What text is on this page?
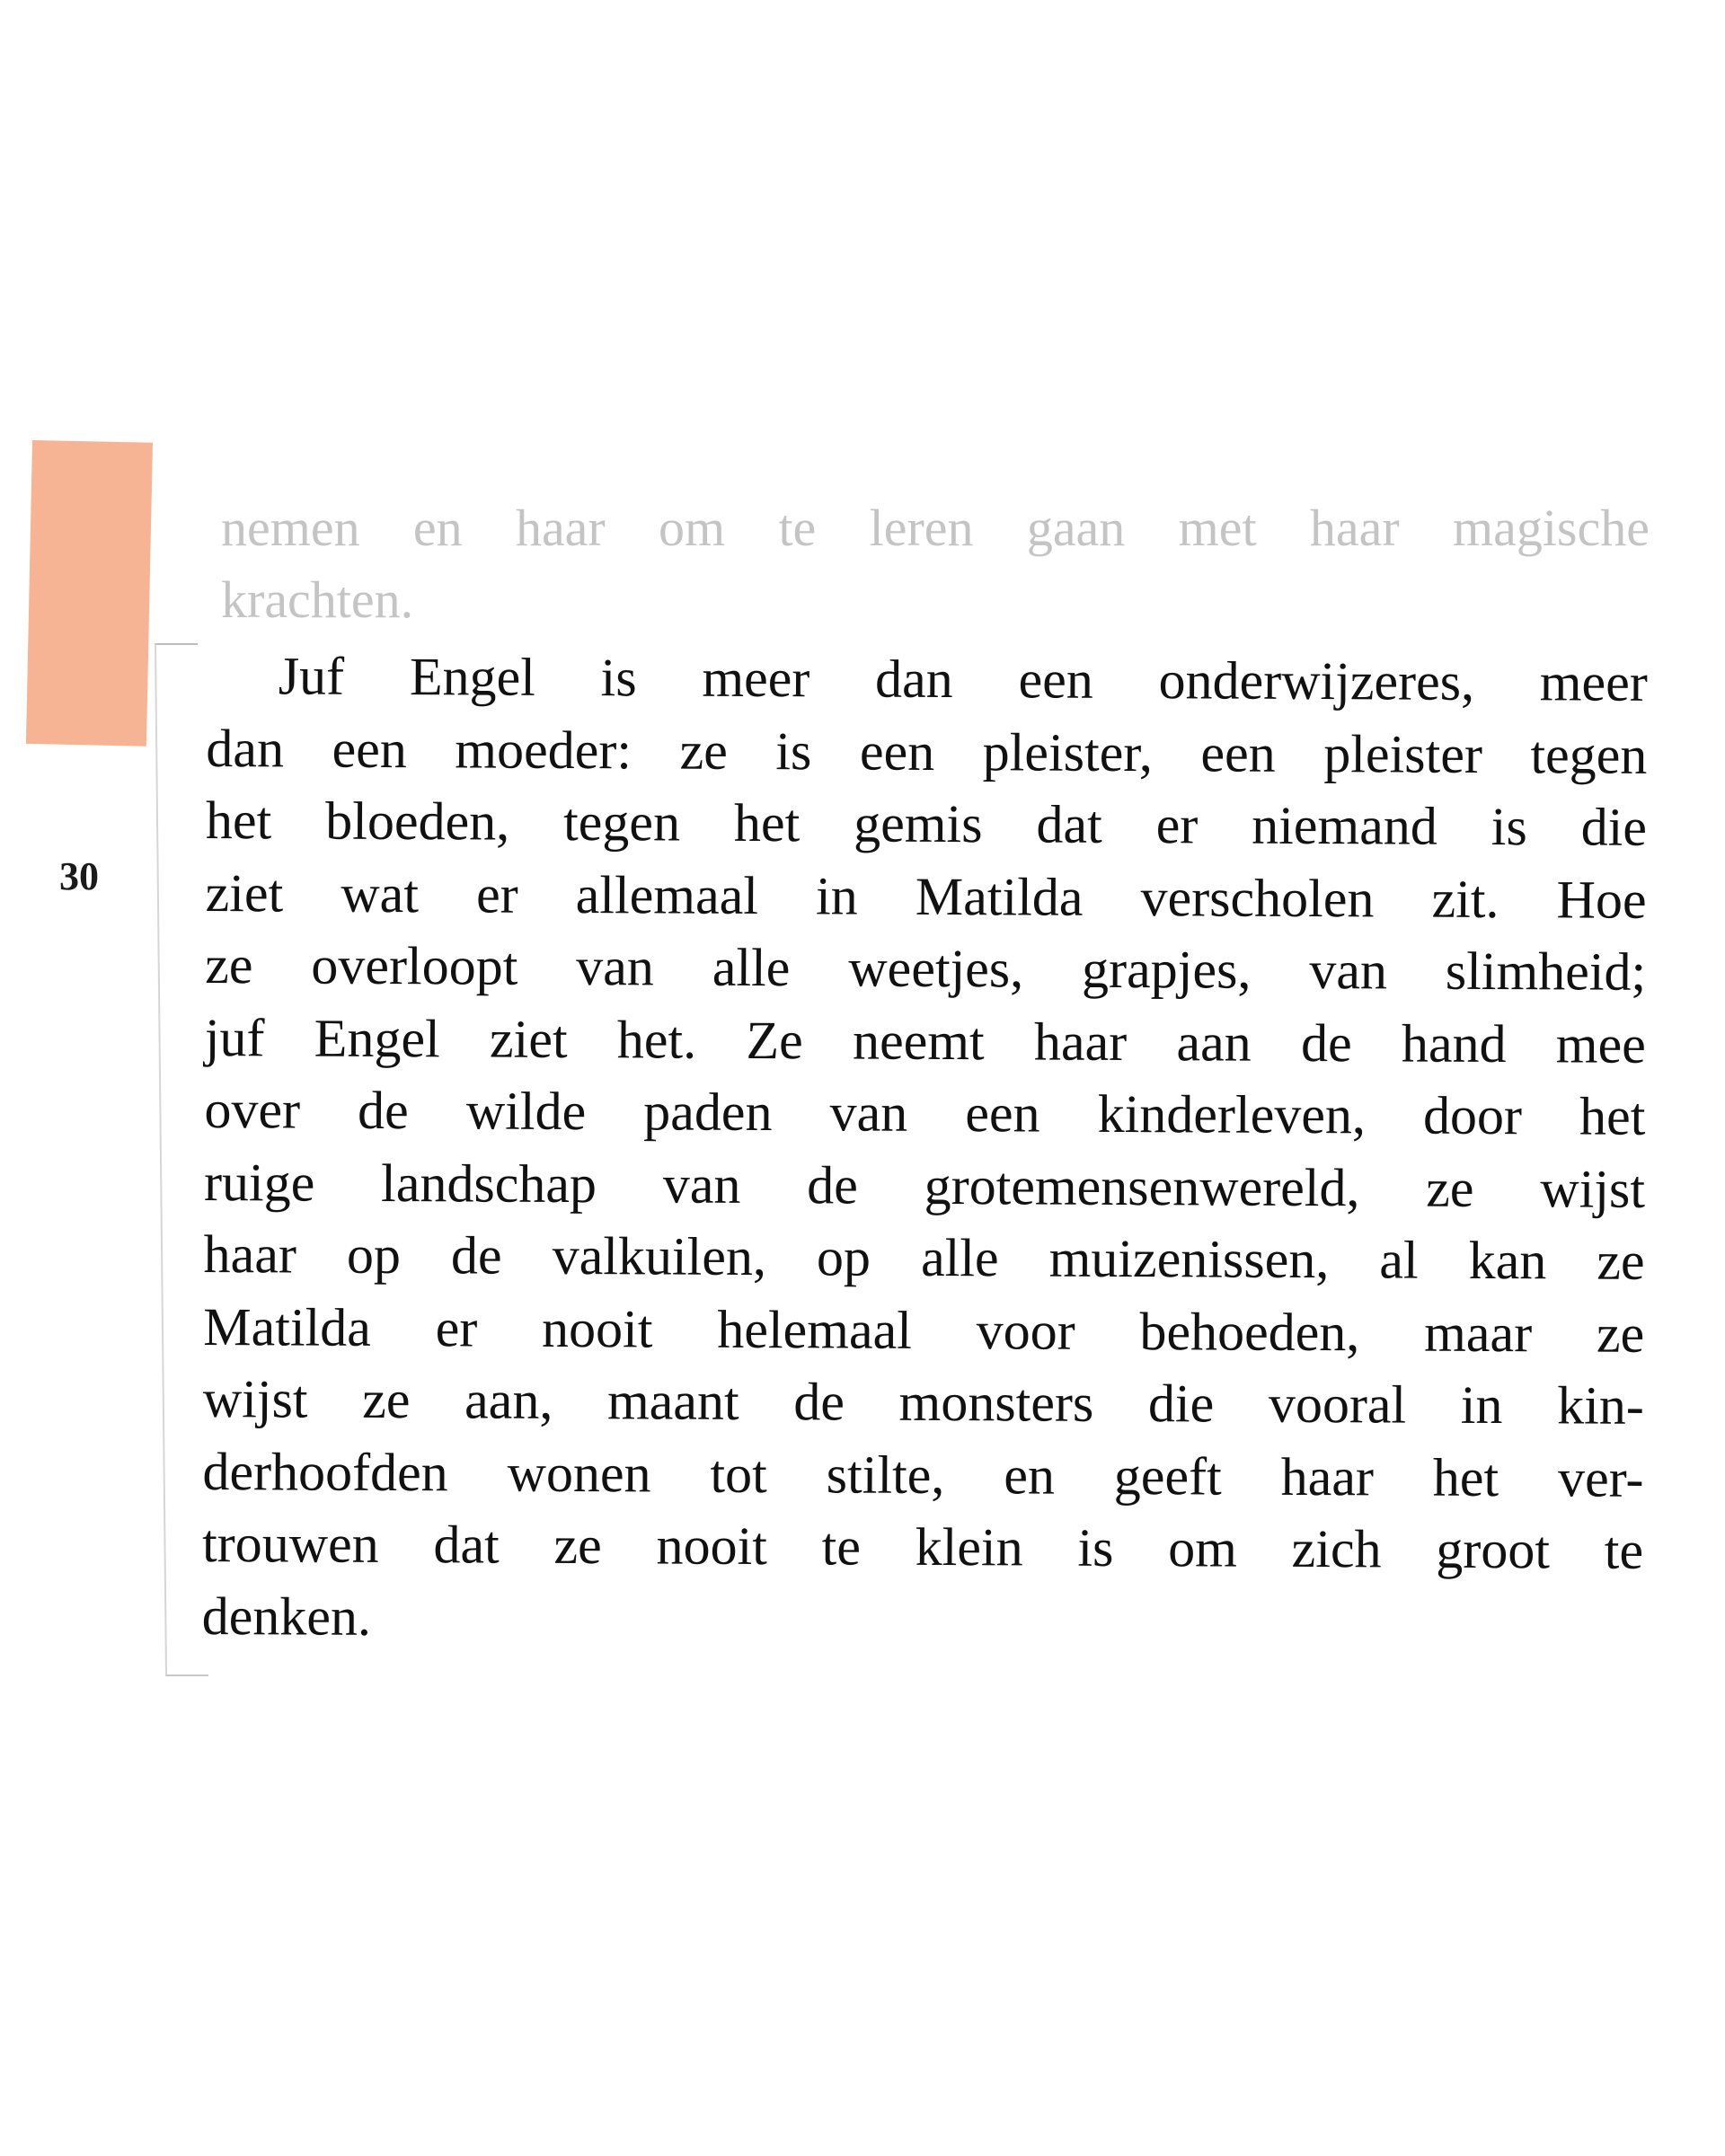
30
nemen en haar om te leren gaan met haar magische
krachten.
Juf Engel is meer dan een onderwijzeres, meer
dan een moeder: ze is een pleister, een pleister tegen
het bloeden, tegen het gemis dat er niemand is die
ziet wat er allemaal in Matilda verscholen zit. Hoe
ze overloopt van alle weetjes, grapjes, van slimheid;
juf Engel ziet het. Ze neemt haar aan de hand mee
over de wilde paden van een kinderleven, door het
ruige landschap van de grotemensenwereld, ze wijst
haar op de valkuilen, op alle muizenissen, al kan ze
Matilda er nooit helemaal voor behoeden, maar ze
wijst ze aan, maant de monsters die vooral in kin-
derhoofden wonen tot stilte, en geeft haar het ver-
trouwen dat ze nooit te klein is om zich groot te
denken.
